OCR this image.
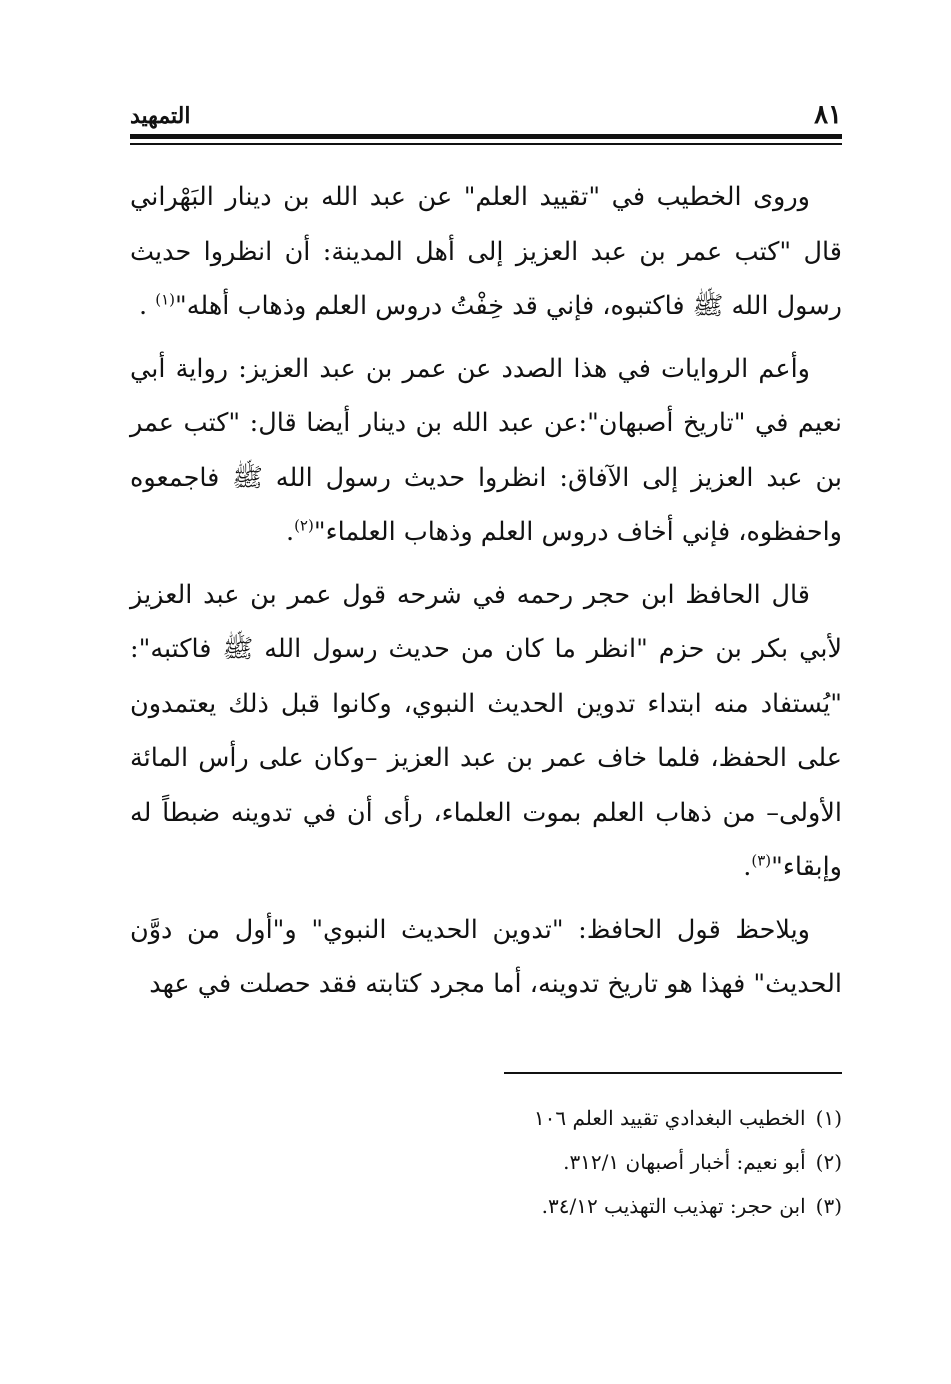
٨١
التمهيد

وروى الخطيب في "تقييد العلم" عن عبد الله بن دينار البَهْراني قال "كتب عمر بن عبد العزيز إلى أهل المدينة: أن انظروا حديث رسول الله ﷺ فاكتبوه، فإني قد خِفْتُ دروس العلم وذهاب أهله"$^{(١)}$ .

وأعم الروايات في هذا الصدد عن عمر بن عبد العزيز: رواية أبي نعيم في "تاريخ أصبهان":عن عبد الله بن دينار أيضا قال: "كتب عمر بن عبد العزيز إلى الآفاق: انظروا حديث رسول الله ﷺ فاجمعوه واحفظوه، فإني أخاف دروس العلم وذهاب العلماء"$^{(٢)}$.

قال الحافظ ابن حجر رحمه في شرحه قول عمر بن عبد العزيز لأبي بكر بن حزم "انظر ما كان من حديث رسول الله ﷺ فاكتبه": "يُستفاد منه ابتداء تدوين الحديث النبوي، وكانوا قبل ذلك يعتمدون على الحفظ، فلما خاف عمر بن عبد العزيز –وكان على رأس المائة الأولى– من ذهاب العلم بموت العلماء، رأى أن في تدوينه ضبطاً له وإبقاء"$^{(٣)}$.

ويلاحظ قول الحافظ: "تدوين الحديث النبوي" و"أول من دوَّن الحديث" فهذا هو تاريخ تدوينه، أما مجرد كتابته فقد حصلت في عهد

(١)الخطيب البغدادي تقييد العلم ١٠٦

(٢)أبو نعيم: أخبار أصبهان ٣١٢/١.

(٣)ابن حجر: تهذيب التهذيب ٣٤/١٢.
